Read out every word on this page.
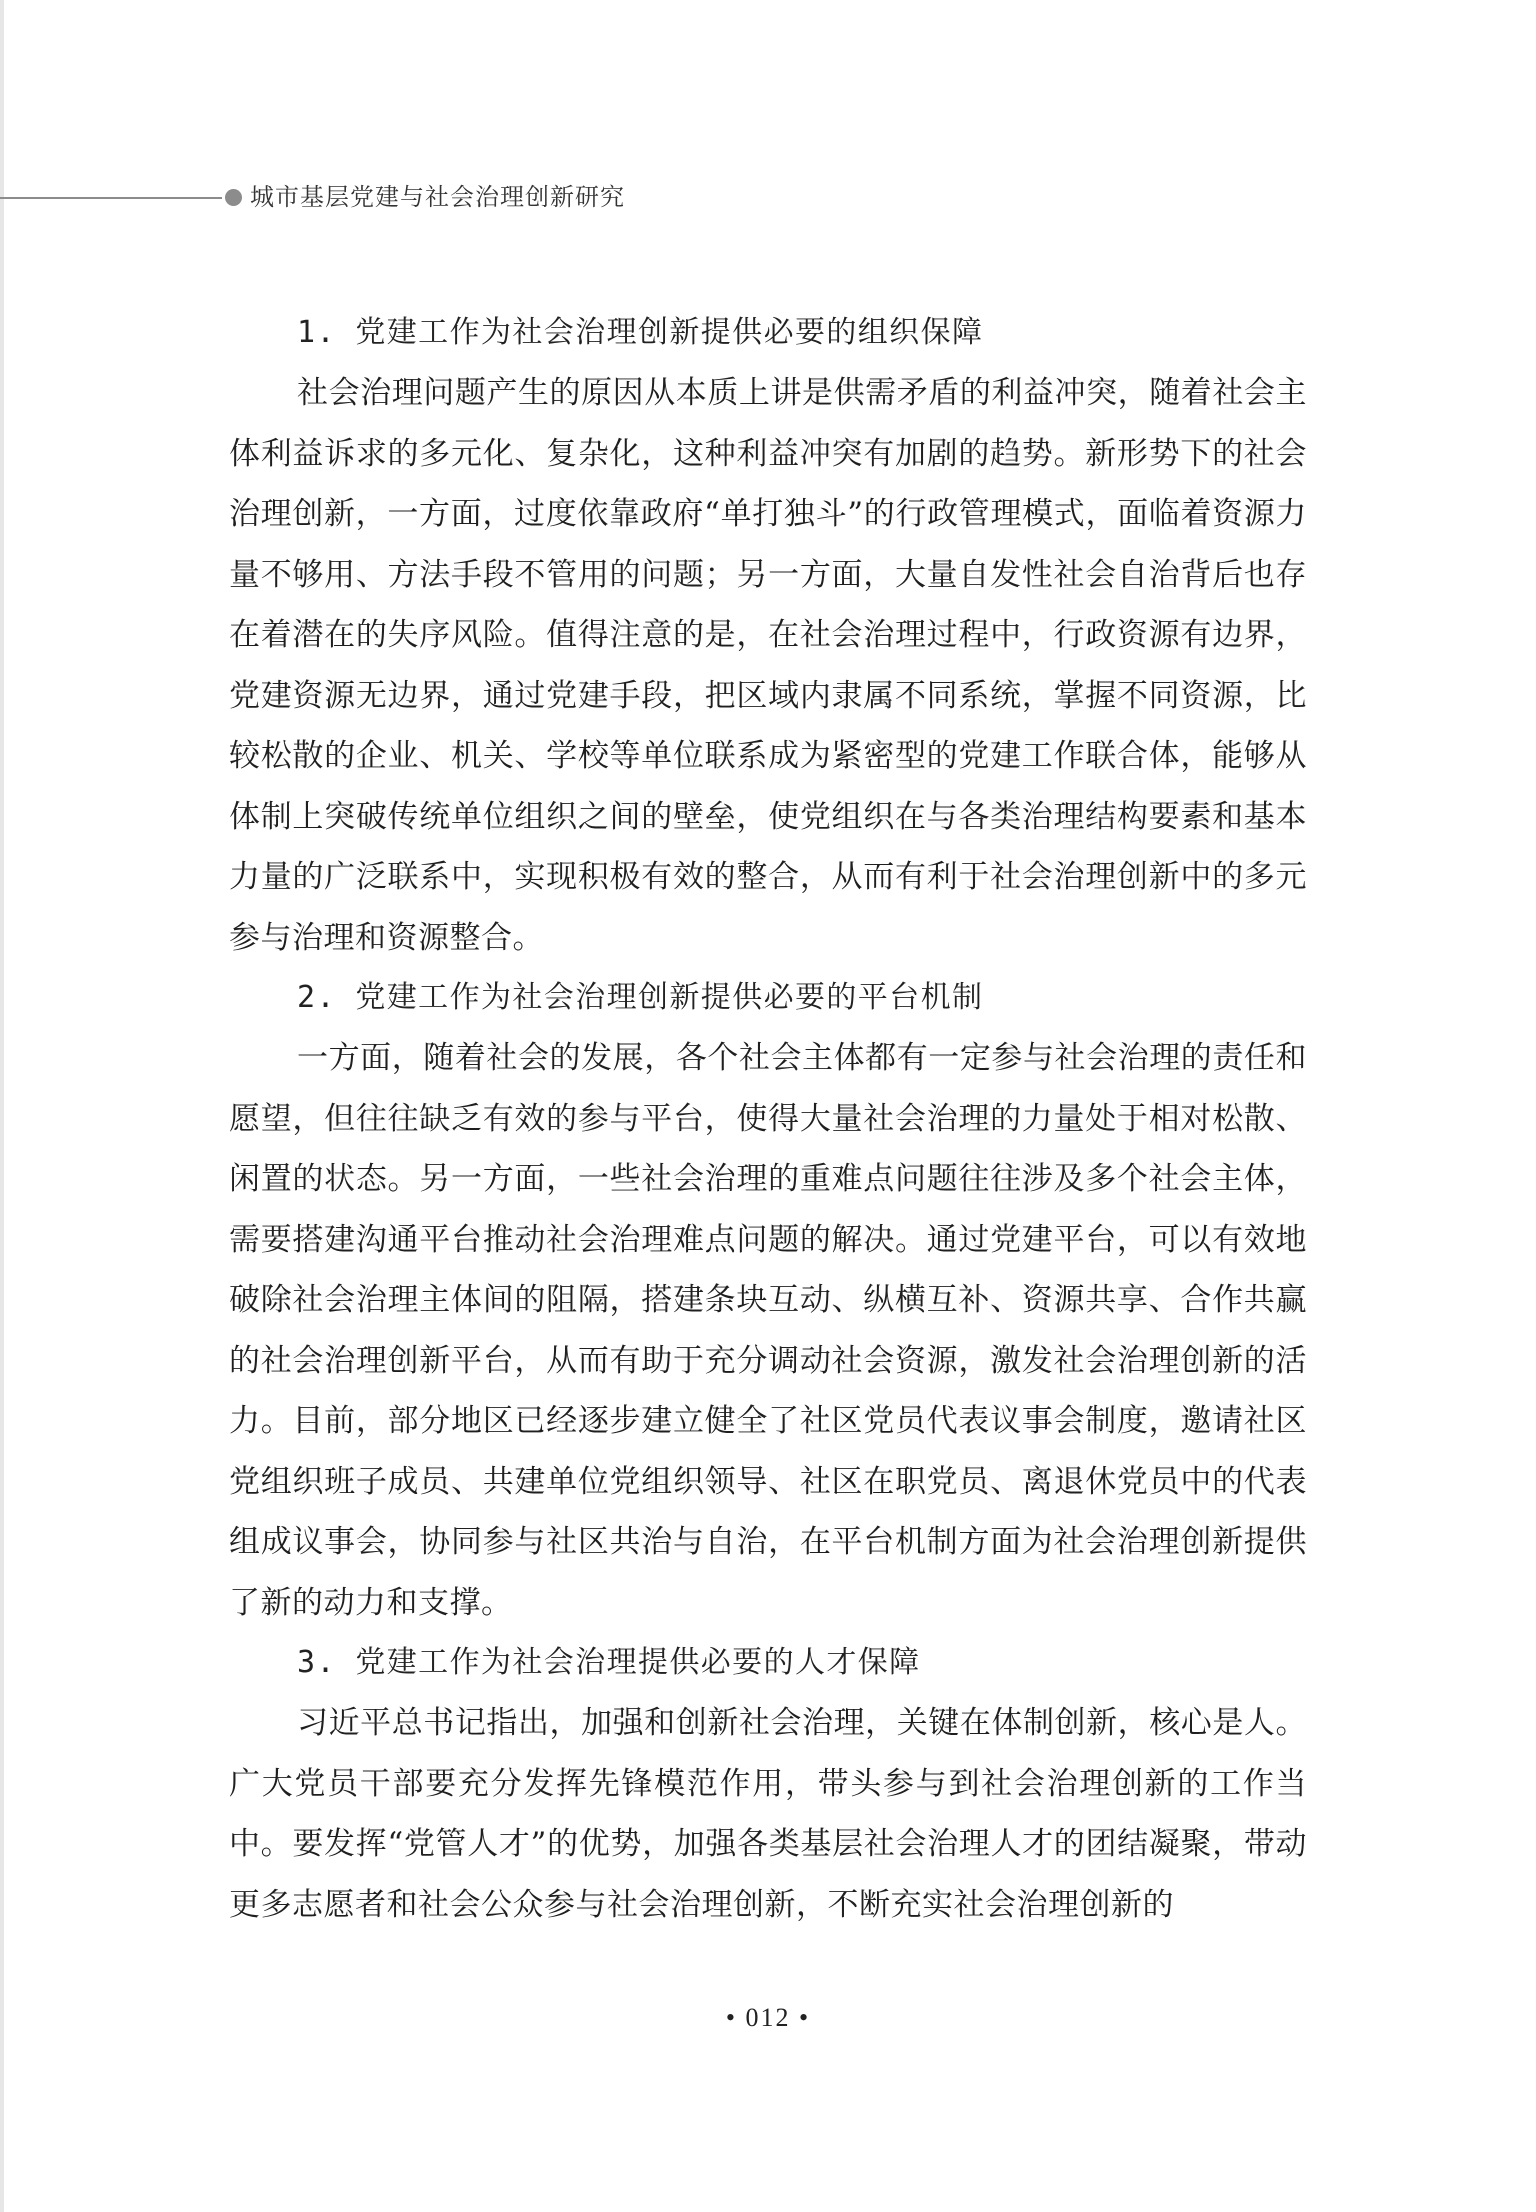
城市基层党建与社会治理创新研究
1. 党建工作为社会治理创新提供必要的组织保障

社会治理问题产生的原因从本质上讲是供需矛盾的利益冲突，随着社会主体利益诉求的多元化、复杂化，这种利益冲突有加剧的趋势。新形势下的社会治理创新，一方面，过度依靠政府“单打独斗”的行政管理模式，面临着资源力量不够用、方法手段不管用的问题；另一方面，大量自发性社会自治背后也存在着潜在的失序风险。值得注意的是，在社会治理过程中，行政资源有边界，党建资源无边界，通过党建手段，把区域内隶属不同系统，掌握不同资源，比较松散的企业、机关、学校等单位联系成为紧密型的党建工作联合体，能够从体制上突破传统单位组织之间的壁垒，使党组织在与各类治理结构要素和基本力量的广泛联系中，实现积极有效的整合，从而有利于社会治理创新中的多元参与治理和资源整合。

2. 党建工作为社会治理创新提供必要的平台机制

一方面，随着社会的发展，各个社会主体都有一定参与社会治理的责任和愿望，但往往缺乏有效的参与平台，使得大量社会治理的力量处于相对松散、闲置的状态。另一方面，一些社会治理的重难点问题往往涉及多个社会主体，需要搭建沟通平台推动社会治理难点问题的解决。通过党建平台，可以有效地破除社会治理主体间的阻隔，搭建条块互动、纵横互补、资源共享、合作共赢的社会治理创新平台，从而有助于充分调动社会资源，激发社会治理创新的活力。目前，部分地区已经逐步建立健全了社区党员代表议事会制度，邀请社区党组织班子成员、共建单位党组织领导、社区在职党员、离退休党员中的代表组成议事会，协同参与社区共治与自治，在平台机制方面为社会治理创新提供了新的动力和支撑。

3. 党建工作为社会治理提供必要的人才保障

习近平总书记指出，加强和创新社会治理，关键在体制创新，核心是人。广大党员干部要充分发挥先锋模范作用，带头参与到社会治理创新的工作当中。要发挥“党管人才”的优势，加强各类基层社会治理人才的团结凝聚，带动更多志愿者和社会公众参与社会治理创新，不断充实社会治理创新的

• 012 •
